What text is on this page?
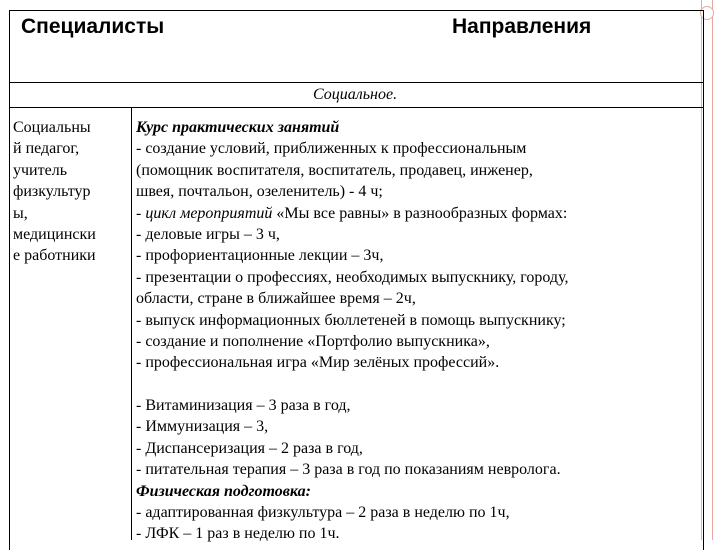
Специалисты	Направления

Социальное.

Социальны
й педагог,
учитель
физкультур
ы,
медицински
е работники
Курс практических занятий
- создание условий, приближенных к профессиональным
(помощник воспитателя, воспитатель, продавец, инженер,
швея, почтальон, озеленитель) - 4 ч;
- цикл мероприятий «Мы все равны» в разнообразных формах:
- деловые игры – 3 ч,
- профориентационные лекции – 3ч,
- презентации о профессиях, необходимых выпускнику, городу,
области, стране в ближайшее время – 2ч,
- выпуск информационных бюллетеней в помощь выпускнику;
- создание и пополнение «Портфолио выпускника»,
- профессиональная игра «Мир зелёных профессий».
- Витаминизация – 3 раза в год,
- Иммунизация – 3,
- Диспансеризация – 2 раза в год,
- питательная терапия – 3 раза в год по показаниям невролога.
Физическая подготовка:
- адаптированная физкультура – 2 раза в неделю по 1ч,
- ЛФК – 1 раз в неделю по 1ч.
